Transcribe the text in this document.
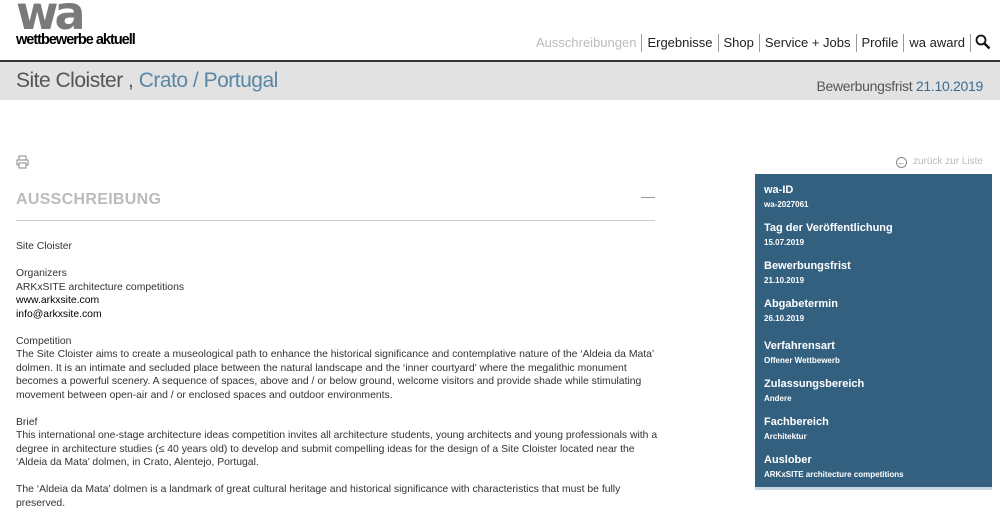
wa
wettbewerbe aktuell	Ausschreibungen Ergebnisse Shop Service + Jobs Profile wa award
Site Cloister , Crato / Portugal	Bewerbungsfrist 21.10.2019
← zurück zur Liste
AUSSCHREIBUNG

Site Cloister

Organizers
ARKxSITE architecture competitions
www.arkxsite.com
info@arkxsite.com

Competition
The Site Cloister aims to create a museological path to enhance the historical significance and contemplative nature of the ‘Aldeia da Mata’ dolmen. It is an intimate and secluded place between the natural landscape and the ‘inner courtyard’ where the megalithic monument becomes a powerful scenery. A sequence of spaces, above and / or below ground, welcome visitors and provide shade while stimulating movement between open-air and / or enclosed spaces and outdoor environments.

Brief
This international one-stage architecture ideas competition invites all architecture students, young architects and young professionals with a degree in architecture studies (≤ 40 years old) to develop and submit compelling ideas for the design of a Site Cloister located near the ‘Aldeia da Mata’ dolmen, in Crato, Alentejo, Portugal.

The ‘Aldeia da Mata’ dolmen is a landmark of great cultural heritage and historical significance with characteristics that must be fully preserved.

wa-ID
wa-2027061
Tag der Veröffentlichung
15.07.2019
Bewerbungsfrist
21.10.2019
Abgabetermin
26.10.2019
Verfahrensart
Offener Wettbewerb
Zulassungsbereich
Andere
Fachbereich
Architektur
Auslober
ARKxSITE architecture competitions
